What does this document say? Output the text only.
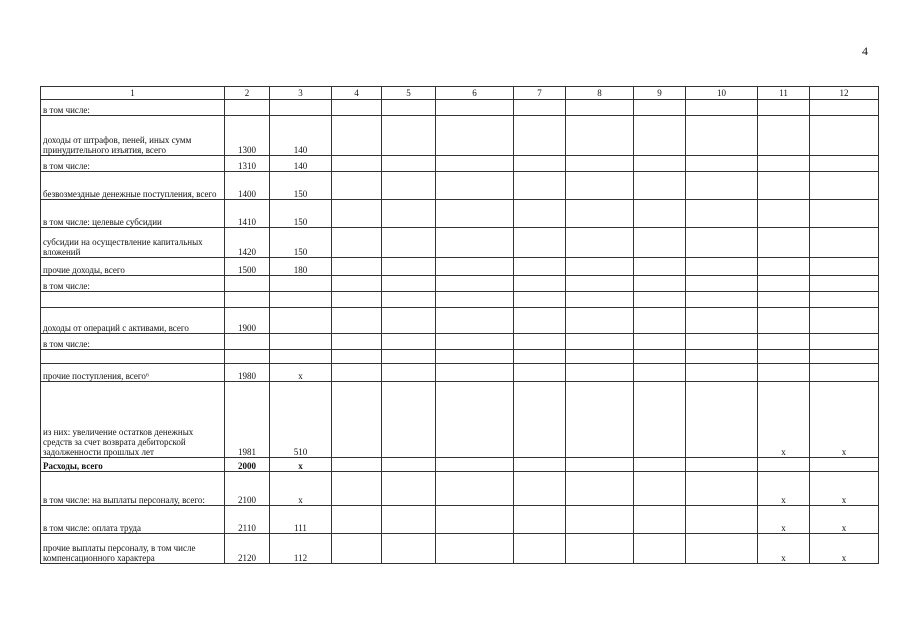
4
1	2	3	4	5	6	7	8	9	10	11	12
в том числе:											
доходы от штрафов, пеней, иных сумм принудительного изъятия, всего	1300	140									
в том числе:	1310	140									
безвозмездные денежные поступления, всего	1400	150									
в том числе: целевые субсидии	1410	150									
субсидии на осуществление капитальных вложений	1420	150									
прочие доходы, всего	1500	180									
в том числе:											

доходы от операций с активами, всего	1900										
в том числе:											

прочие поступления, всего⁶	1980	x									
из них: увеличение остатков денежных средств за счет возврата дебиторской задолженности прошлых лет	1981	510								x	x
Расходы, всего	2000	x									
в том числе: на выплаты персоналу, всего:	2100	x								x	x
в том числе: оплата труда	2110	111								x	x
прочие выплаты персоналу, в том числе компенсационного характера	2120	112								x	x
